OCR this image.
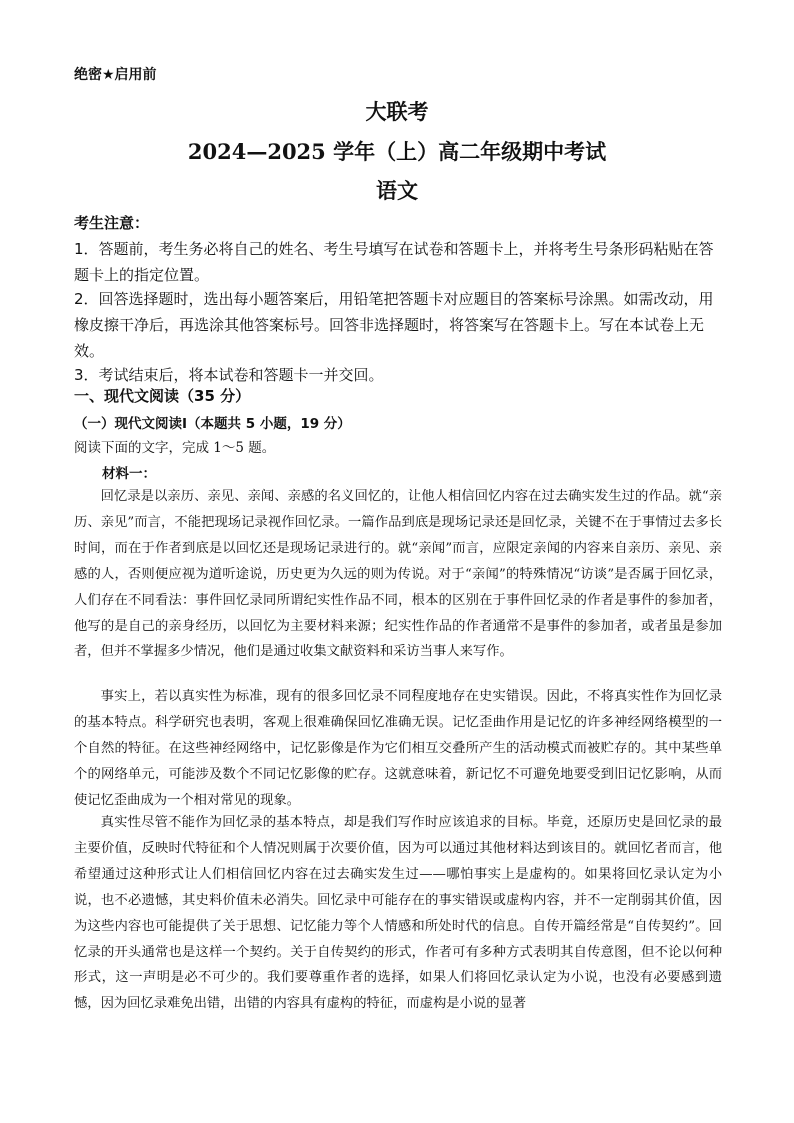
绝密★启用前
大联考
2024—2025 学年（上）高二年级期中考试
语文
考生注意：
1．答题前，考生务必将自己的姓名、考生号填写在试卷和答题卡上，并将考生号条形码粘贴在答题卡上的指定位置。
2．回答选择题时，选出每小题答案后，用铅笔把答题卡对应题目的答案标号涂黑。如需改动，用橡皮擦干净后，再选涂其他答案标号。回答非选择题时，将答案写在答题卡上。写在本试卷上无效。
3．考试结束后，将本试卷和答题卡一并交回。
一、现代文阅读（35 分）
（一）现代文阅读Ⅰ（本题共 5 小题，19 分）
阅读下面的文字，完成 1～5 题。
材料一：
回忆录是以亲历、亲见、亲闻、亲感的名义回忆的，让他人相信回忆内容在过去确实发生过的作品。就“亲历、亲见”而言，不能把现场记录视作回忆录。一篇作品到底是现场记录还是回忆录，关键不在于事情过去多长时间，而在于作者到底是以回忆还是现场记录进行的。就“亲闻”而言，应限定亲闻的内容来自亲历、亲见、亲感的人，否则便应视为道听途说，历史更为久远的则为传说。对于“亲闻”的特殊情况“访谈”是否属于回忆录，人们存在不同看法：事件回忆录同所谓纪实性作品不同，根本的区别在于事件回忆录的作者是事件的参加者，他写的是自己的亲身经历，以回忆为主要材料来源；纪实性作品的作者通常不是事件的参加者，或者虽是参加者，但并不掌握多少情况，他们是通过收集文献资料和采访当事人来写作。
事实上，若以真实性为标准，现有的很多回忆录不同程度地存在史实错误。因此，不将真实性作为回忆录的基本特点。科学研究也表明，客观上很难确保回忆准确无误。记忆歪曲作用是记忆的许多神经网络模型的一个自然的特征。在这些神经网络中，记忆影像是作为它们相互交叠所产生的活动模式而被贮存的。其中某些单个的网络单元，可能涉及数个不同记忆影像的贮存。这就意味着，新记忆不可避免地要受到旧记忆影响，从而使记忆歪曲成为一个相对常见的现象。
真实性尽管不能作为回忆录的基本特点，却是我们写作时应该追求的目标。毕竟，还原历史是回忆录的最主要价值，反映时代特征和个人情况则属于次要价值，因为可以通过其他材料达到该目的。就回忆者而言，他希望通过这种形式让人们相信回忆内容在过去确实发生过——哪怕事实上是虚构的。如果将回忆录认定为小说，也不必遗憾，其史料价值未必消失。回忆录中可能存在的事实错误或虚构内容，并不一定削弱其价值，因为这些内容也可能提供了关于思想、记忆能力等个人情感和所处时代的信息。自传开篇经常是“自传契约”。回忆录的开头通常也是这样一个契约。关于自传契约的形式，作者可有多种方式表明其自传意图，但不论以何种形式，这一声明是必不可少的。我们要尊重作者的选择，如果人们将回忆录认定为小说，也没有必要感到遗憾，因为回忆录难免出错，出错的内容具有虚构的特征，而虚构是小说的显著
